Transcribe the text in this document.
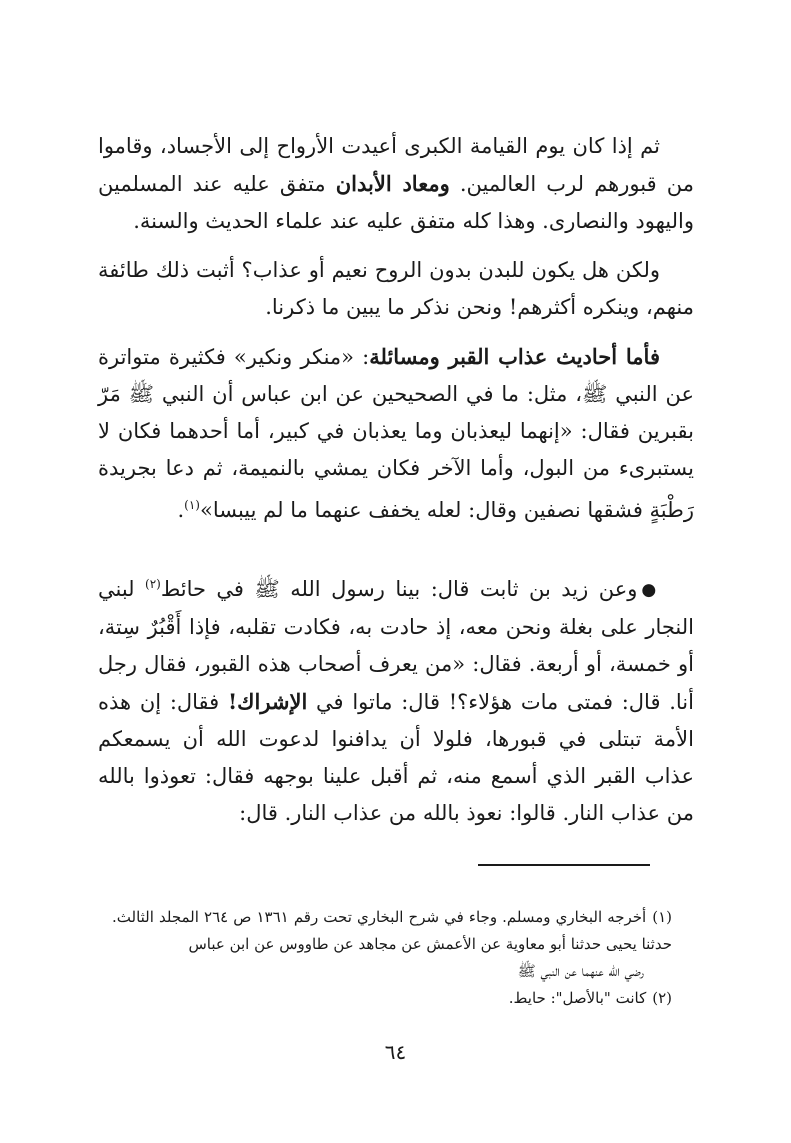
ثم إذا كان يوم القيامة الكبرى أعيدت الأرواح إلى الأجساد، وقاموا من قبورهم لرب العالمين. ومعاد الأبدان متفق عليه عند المسلمين واليهود والنصارى. وهذا كله متفق عليه عند علماء الحديث والسنة.

ولكن هل يكون للبدن بدون الروح نعيم أو عذاب؟ أثبت ذلك طائفة منهم، وينكره أكثرهم! ونحن نذكر ما يبين ما ذكرنا.

فأما أحاديث عذاب القبر ومسائلة: «منكر ونكير» فكثيرة متواترة عن النبي ﷺ، مثل: ما في الصحيحين عن ابن عباس أن النبي ﷺ مَرّ بقبرين فقال: «إنهما ليعذبان وما يعذبان في كبير، أما أحدهما فكان لا يستبرىء من البول، وأما الآخر فكان يمشي بالنميمة، ثم دعا بجريدة رَطْبَةٍ فشقها نصفين وقال: لعله يخفف عنهما ما لم ييبسا»$^{(١)}$.

●وعن زيد بن ثابت قال: بينا رسول الله ﷺ في حائط$^{(٢)}$ لبني النجار على بغلة ونحن معه، إذ حادت به، فكادت تقلبه، فإذا أَقْبُرٌ سِتة، أو خمسة، أو أربعة. فقال: «من يعرف أصحاب هذه القبور، فقال رجل أنا. قال: فمتى مات هؤلاء؟! قال: ماتوا في الإشراك! فقال: إن هذه الأمة تبتلى في قبورها، فلولا أن يدافنوا لدعوت الله أن يسمعكم عذاب القبر الذي أسمع منه، ثم أقبل علينا بوجهه فقال: تعوذوا بالله من عذاب النار. قالوا: نعوذ بالله من عذاب النار. قال:

(١)أخرجه البخاري ومسلم. وجاء في شرح البخاري تحت رقم ١٣٦١ ص ٢٦٤ المجلد الثالث. حدثنا يحيى حدثنا أبو معاوية عن الأعمش عن مجاهد عن طاووس عن ابن عباس

رضي الله عنهما عن النبي ﷺ

(٢)كانت "بالأصل": حايط.

٦٤
